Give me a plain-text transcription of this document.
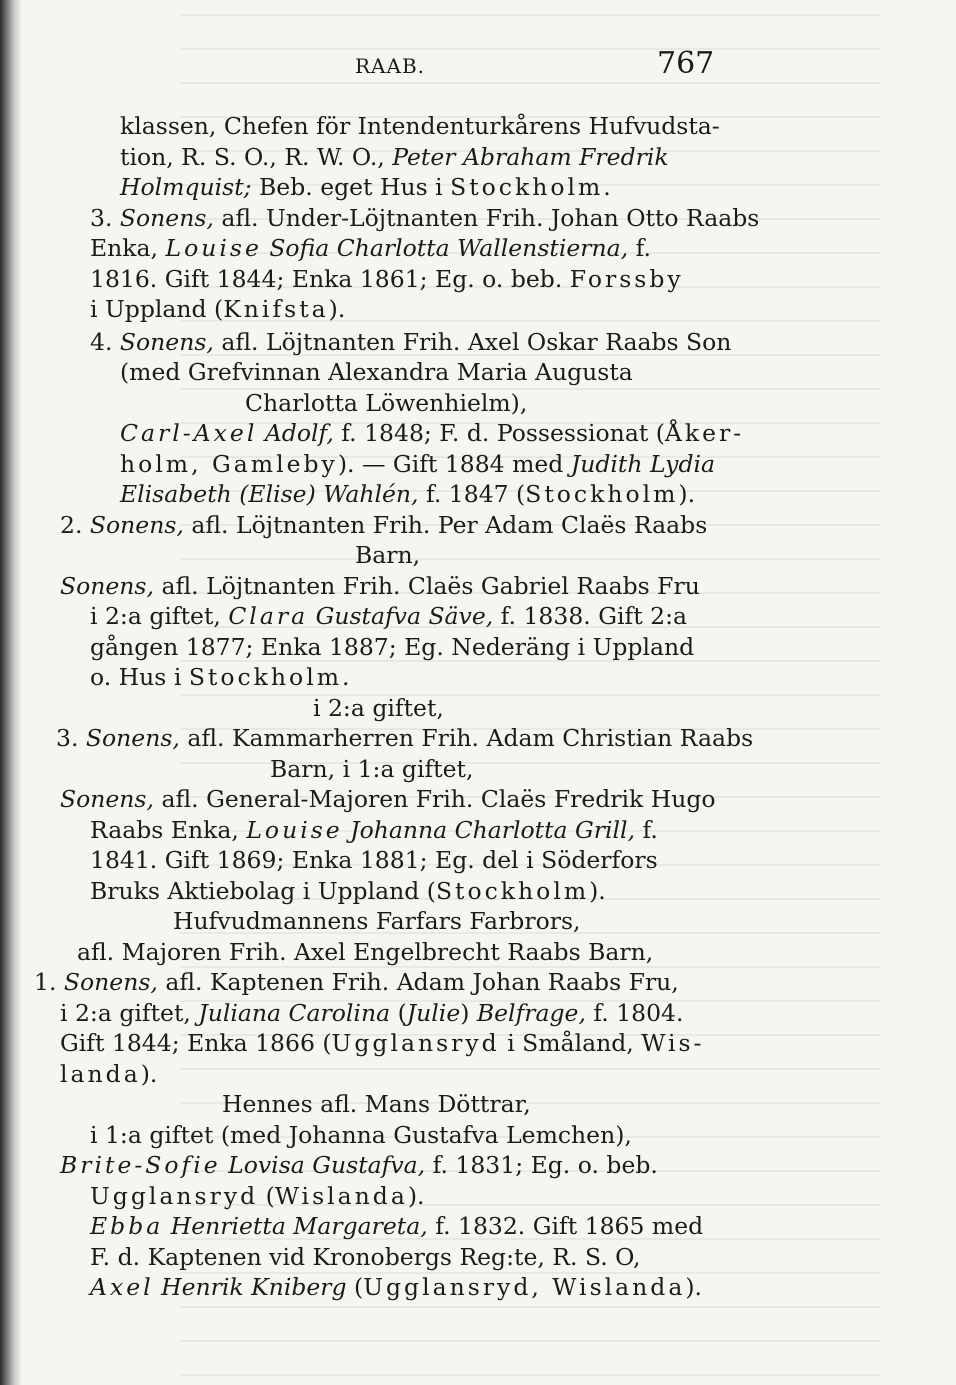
RAAB.	767
klassen, Chefen för Intendenturkårens Hufvudsta-
tion, R. S. O., R. W. O., Peter Abraham Fredrik
Holmquist; Beb. eget Hus i Stockholm.
3. Sonens, afl. Under-Löjtnanten Frih. Johan Otto Raabs
Enka, Louise Sofia Charlotta Wallenstierna, f.
1816. Gift 1844; Enka 1861; Eg. o. beb. Forssby
i Uppland (Knifsta).
4. Sonens, afl. Löjtnanten Frih. Axel Oskar Raabs Son
(med Grefvinnan Alexandra Maria Augusta
Charlotta Löwenhielm),
Carl-Axel Adolf, f. 1848; F. d. Possessionat (Åker-
holm, Gamleby). — Gift 1884 med Judith Lydia
Elisabeth (Elise) Wahlén, f. 1847 (Stockholm).
2. Sonens, afl. Löjtnanten Frih. Per Adam Claës Raabs
Barn,
Sonens, afl. Löjtnanten Frih. Claës Gabriel Raabs Fru
i 2:a giftet, Clara Gustafva Säve, f. 1838. Gift 2:a
gången 1877; Enka 1887; Eg. Nederäng i Uppland
o. Hus i Stockholm.
i 2:a giftet,
3. Sonens, afl. Kammarherren Frih. Adam Christian Raabs
Barn, i 1:a giftet,
Sonens, afl. General-Majoren Frih. Claës Fredrik Hugo
Raabs Enka, Louise Johanna Charlotta Grill, f.
1841. Gift 1869; Enka 1881; Eg. del i Söderfors
Bruks Aktiebolag i Uppland (Stockholm).
Hufvudmannens Farfars Farbrors,
afl. Majoren Frih. Axel Engelbrecht Raabs Barn,
1. Sonens, afl. Kaptenen Frih. Adam Johan Raabs Fru,
i 2:a giftet, Juliana Carolina (Julie) Belfrage, f. 1804.
Gift 1844; Enka 1866 (Ugglansryd i Småland, Wis-
landa).
Hennes afl. Mans Döttrar,
i 1:a giftet (med Johanna Gustafva Lemchen),
Brite-Sofie Lovisa Gustafva, f. 1831; Eg. o. beb.
Ugglansryd (Wislanda).
Ebba Henrietta Margareta, f. 1832. Gift 1865 med
F. d. Kaptenen vid Kronobergs Reg:te, R. S. O,
Axel Henrik Kniberg (Ugglansryd, Wislanda).
